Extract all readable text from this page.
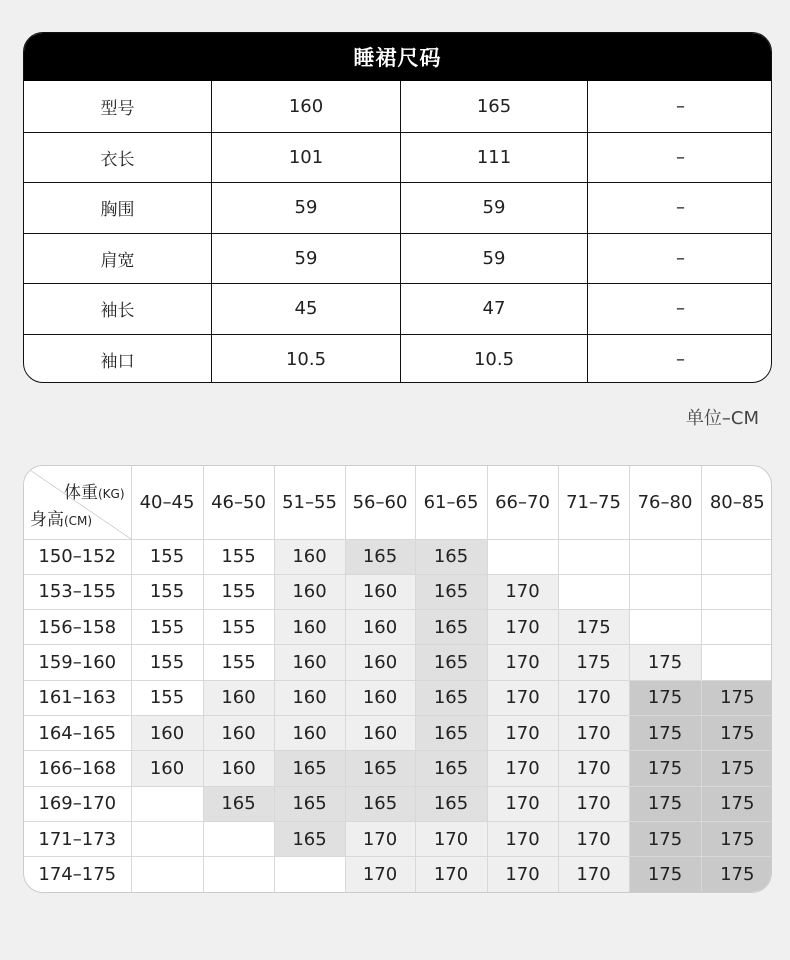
睡裙尺码
型号	160	165	–
衣长	101	111	–
胸围	59	59	–
肩宽	59	59	–
袖长	45	47	–
袖口	10.5	10.5	–
单位–CM
体重(KG)
身高(CM)	40–45	46–50	51–55	56–60	61–65	66–70	71–75	76–80	80–85
150–152	155	155	160	165	165				
153–155	155	155	160	160	165	170			
156–158	155	155	160	160	165	170	175		
159–160	155	155	160	160	165	170	175	175	
161–163	155	160	160	160	165	170	170	175	175
164–165	160	160	160	160	165	170	170	175	175
166–168	160	160	165	165	165	170	170	175	175
169–170		165	165	165	165	170	170	175	175
171–173			165	170	170	170	170	175	175
174–175				170	170	170	170	175	175
